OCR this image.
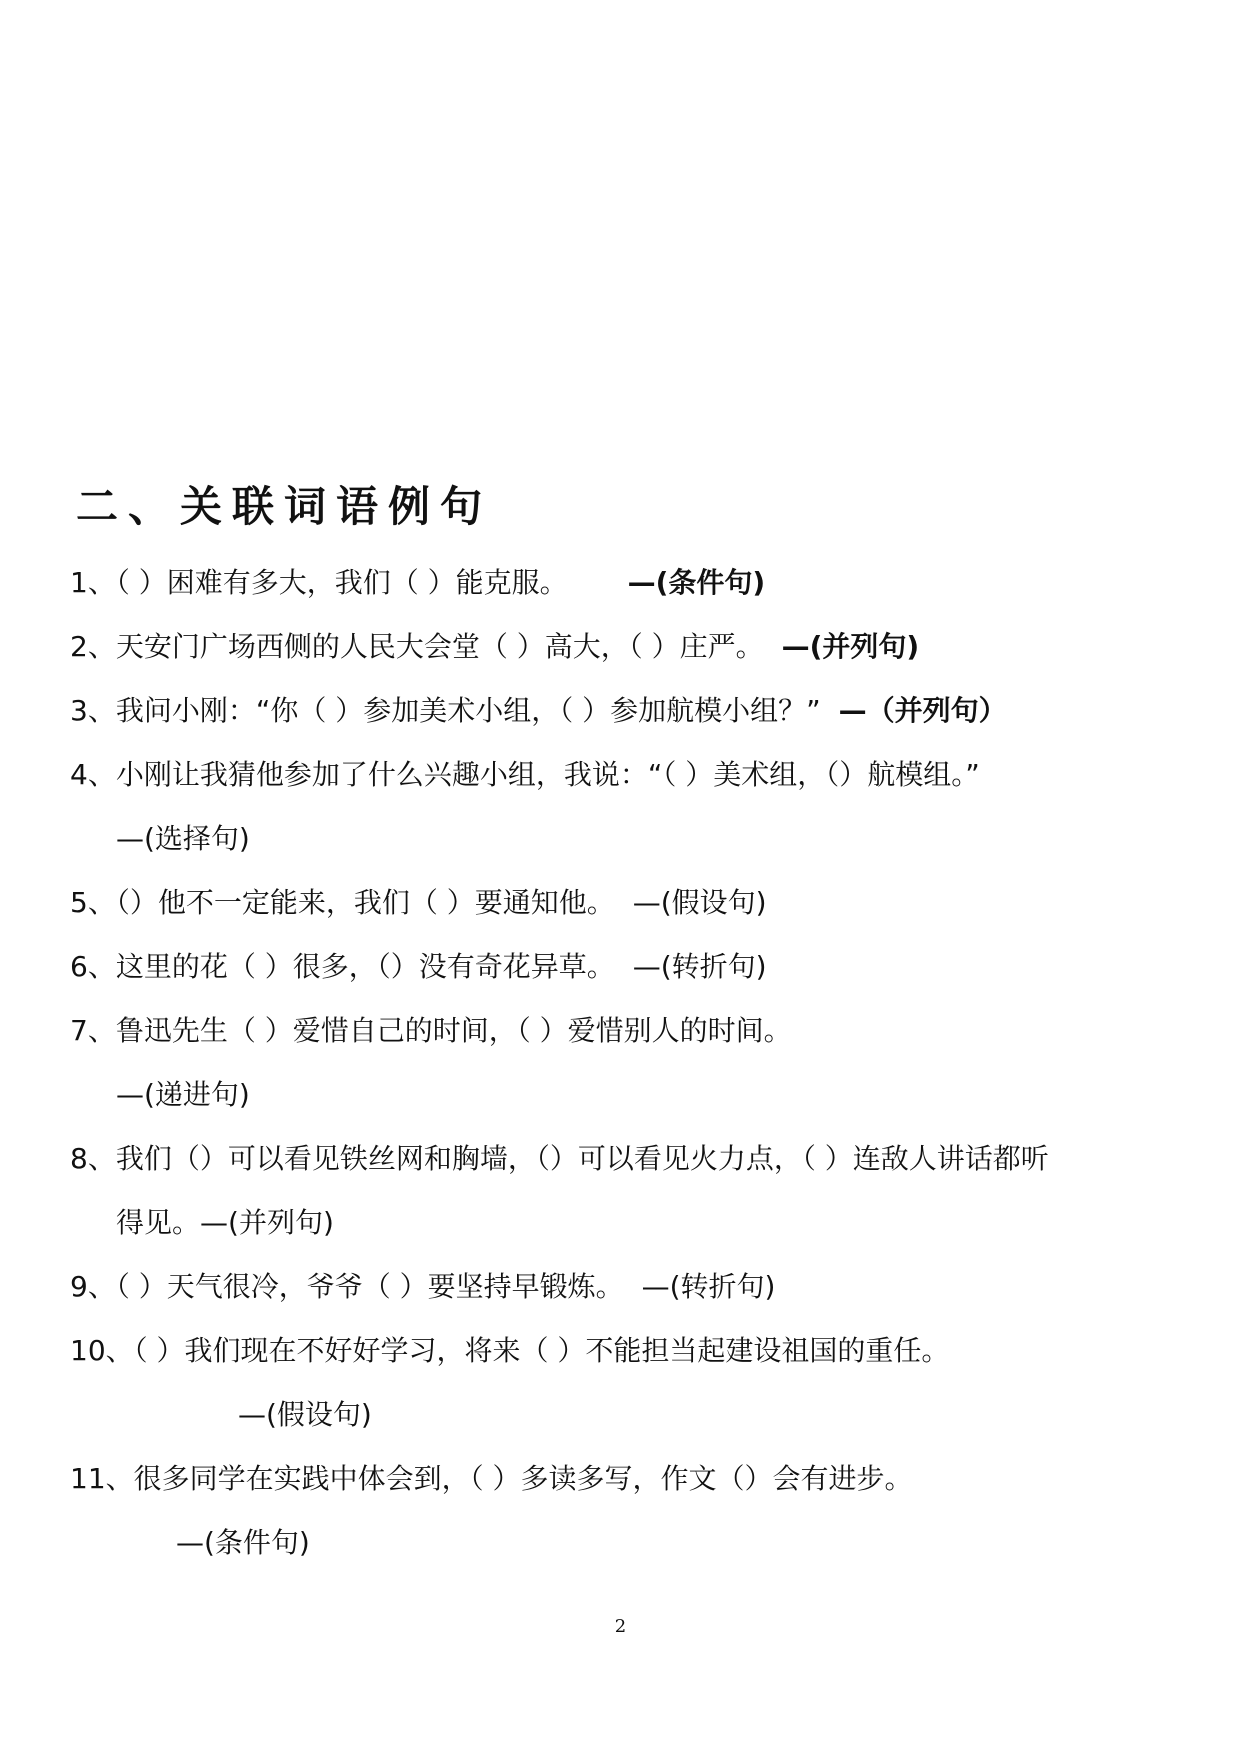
二、关联词语例句
1、（ ）困难有多大，我们（ ）能克服。 —(条件句)
2、天安门广场西侧的人民大会堂（ ）高大，（ ）庄严。 —(并列句)
3、我问小刚：“你（ ）参加美术小组，（ ）参加航模小组？” —（并列句）
4、小刚让我猜他参加了什么兴趣小组，我说：“（ ）美术组，（）航模组。”
—(选择句)
5、（）他不一定能来，我们（ ）要通知他。 —(假设句)
6、这里的花（ ）很多，（）没有奇花异草。 —(转折句)
7、鲁迅先生（ ）爱惜自己的时间，（ ）爱惜别人的时间。
—(递进句)
8、我们（）可以看见铁丝网和胸墙，（）可以看见火力点，（ ）连敌人讲话都听
得见。—(并列句)
9、（ ）天气很冷，爷爷（ ）要坚持早锻炼。 —(转折句)
10、（ ）我们现在不好好学习，将来（ ）不能担当起建设祖国的重任。
—(假设句)
11、很多同学在实践中体会到，（ ）多读多写，作文（）会有进步。
—(条件句)
2
